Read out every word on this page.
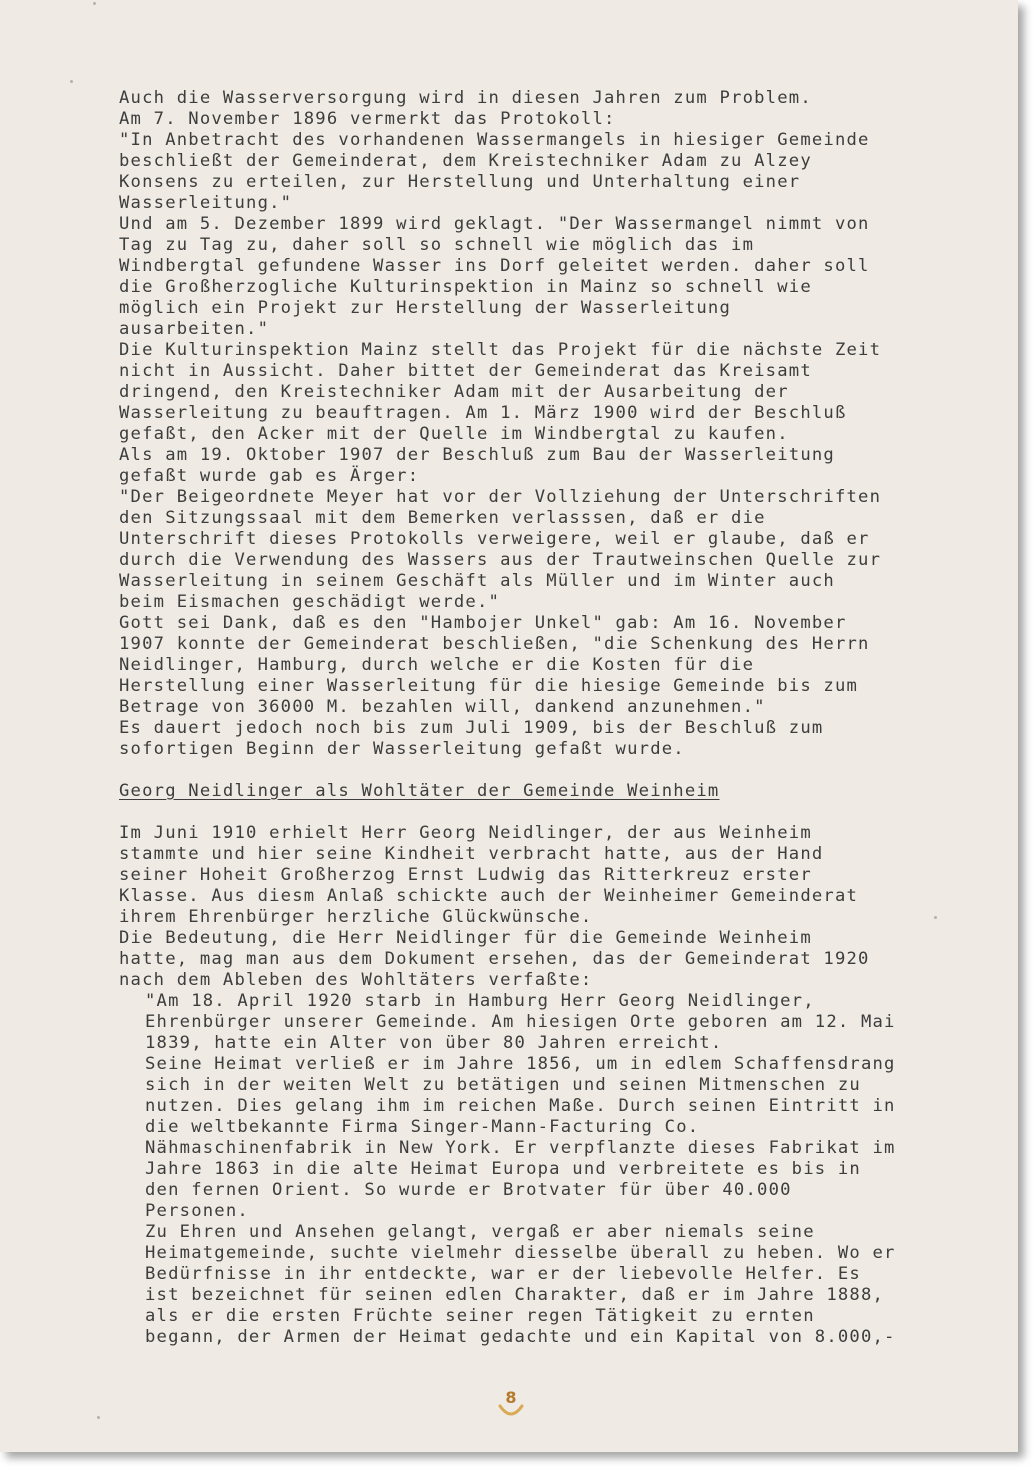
Auch die Wasserversorgung wird in diesen Jahren zum Problem.
Am 7. November 1896 vermerkt das Protokoll:
"In Anbetracht des vorhandenen Wassermangels in hiesiger Gemeinde
beschließt der Gemeinderat, dem Kreistechniker Adam zu Alzey
Konsens zu erteilen, zur Herstellung und Unterhaltung einer
Wasserleitung."
Und am 5. Dezember 1899 wird geklagt. "Der Wassermangel nimmt von
Tag zu Tag zu, daher soll so schnell wie möglich das im
Windbergtal gefundene Wasser ins Dorf geleitet werden. daher soll
die Großherzogliche Kulturinspektion in Mainz so schnell wie
möglich ein Projekt zur Herstellung der Wasserleitung
ausarbeiten."
Die Kulturinspektion Mainz stellt das Projekt für die nächste Zeit
nicht in Aussicht. Daher bittet der Gemeinderat das Kreisamt
dringend, den Kreistechniker Adam mit der Ausarbeitung der
Wasserleitung zu beauftragen. Am 1. März 1900 wird der Beschluß
gefaßt, den Acker mit der Quelle im Windbergtal zu kaufen.
Als am 19. Oktober 1907 der Beschluß zum Bau der Wasserleitung
gefaßt wurde gab es Ärger:
"Der Beigeordnete Meyer hat vor der Vollziehung der Unterschriften
den Sitzungssaal mit dem Bemerken verlasssen, daß er die
Unterschrift dieses Protokolls verweigere, weil er glaube, daß er
durch die Verwendung des Wassers aus der Trautweinschen Quelle zur
Wasserleitung in seinem Geschäft als Müller und im Winter auch
beim Eismachen geschädigt werde."
Gott sei Dank, daß es den "Hambojer Unkel" gab: Am 16. November
1907 konnte der Gemeinderat beschließen, "die Schenkung des Herrn
Neidlinger, Hamburg, durch welche er die Kosten für die
Herstellung einer Wasserleitung für die hiesige Gemeinde bis zum
Betrage von 36000 M. bezahlen will, dankend anzunehmen."
Es dauert jedoch noch bis zum Juli 1909, bis der Beschluß zum
sofortigen Beginn der Wasserleitung gefaßt wurde.
Georg Neidlinger als Wohltäter der Gemeinde Weinheim
Im Juni 1910 erhielt Herr Georg Neidlinger, der aus Weinheim
stammte und hier seine Kindheit verbracht hatte, aus der Hand
seiner Hoheit Großherzog Ernst Ludwig das Ritterkreuz erster
Klasse. Aus diesm Anlaß schickte auch der Weinheimer Gemeinderat
ihrem Ehrenbürger herzliche Glückwünsche.
Die Bedeutung, die Herr Neidlinger für die Gemeinde Weinheim
hatte, mag man aus dem Dokument ersehen, das der Gemeinderat 1920
nach dem Ableben des Wohltäters verfaßte:
"Am 18. April 1920 starb in Hamburg Herr Georg Neidlinger,
Ehrenbürger unserer Gemeinde. Am hiesigen Orte geboren am 12. Mai
1839, hatte ein Alter von über 80 Jahren erreicht.
Seine Heimat verließ er im Jahre 1856, um in edlem Schaffensdrang
sich in der weiten Welt zu betätigen und seinen Mitmenschen zu
nutzen. Dies gelang ihm im reichen Maße. Durch seinen Eintritt in
die weltbekannte Firma Singer-Mann-Facturing Co.
Nähmaschinenfabrik in New York. Er verpflanzte dieses Fabrikat im
Jahre 1863 in die alte Heimat Europa und verbreitete es bis in
den fernen Orient. So wurde er Brotvater für über 40.000
Personen.
Zu Ehren und Ansehen gelangt, vergaß er aber niemals seine
Heimatgemeinde, suchte vielmehr diesselbe überall zu heben. Wo er
Bedürfnisse in ihr entdeckte, war er der liebevolle Helfer. Es
ist bezeichnet für seinen edlen Charakter, daß er im Jahre 1888,
als er die ersten Früchte seiner regen Tätigkeit zu ernten
begann, der Armen der Heimat gedachte und ein Kapital von 8.000,-
8
